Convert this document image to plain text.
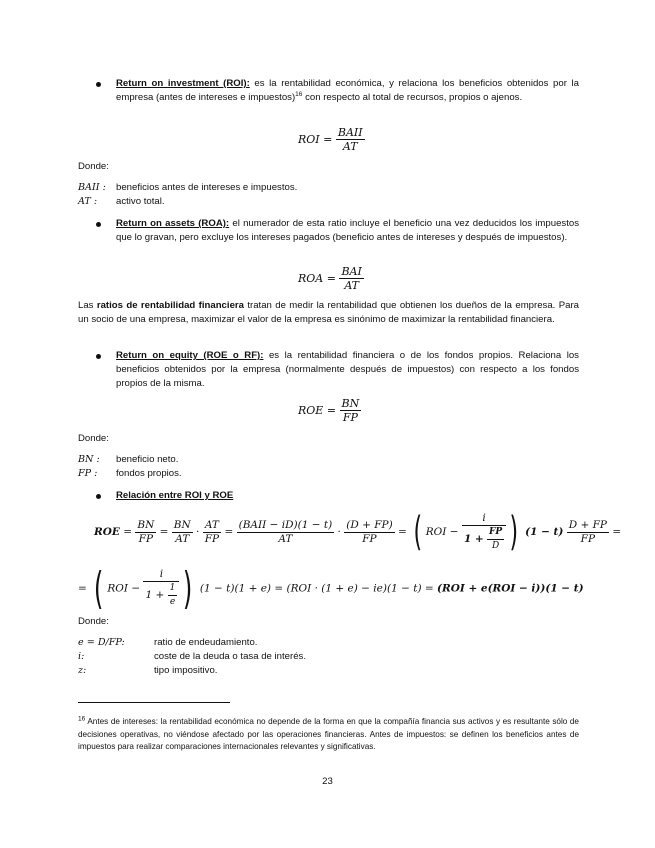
Return on investment (ROI): es la rentabilidad económica, y relaciona los beneficios obtenidos por la empresa (antes de intereses e impuestos)$^{16}$ con respecto al total de recursos, propios o ajenos.
ROI = $\frac{\text{BAII}}{AT}$
Donde:
BAII : beneficios antes de intereses e impuestos.
AT : activo total.
Return on assets (ROA): el numerador de esta ratio incluye el beneficio una vez deducidos los impuestos que lo gravan, pero excluye los intereses pagados (beneficio antes de intereses y después de impuestos).
ROA = $\frac{\text{BAI}}{AT}$
Las ratios de rentabilidad financiera tratan de medir la rentabilidad que obtienen los dueños de la empresa. Para un socio de una empresa, maximizar el valor de la empresa es sinónimo de maximizar la rentabilidad financiera.
Return on equity (ROE o RF): es la rentabilidad financiera o de los fondos propios. Relaciona los beneficios obtenidos por la empresa (normalmente después de impuestos) con respecto a los fondos propios de la misma.
ROE = $\frac{BN}{FP}$
Donde:
BN : beneficio neto.
FP : fondos propios.
Relación entre ROI y ROE
ROE = $\frac{BN}{FP} = \frac{BN}{AT} \cdot \frac{AT}{FP} = \frac{\text{(BAII − iD)(1 − t)}}{AT} \cdot \frac{(D + FP)}{FP}$ = ( ROI − $\frac{i}{1 + \frac{FP}{D}}$ ) $(1 - t) \frac{D + FP}{FP}$ =
= ( ROI − $\frac{i}{1 + \frac{1}{e}}$ ) (1 − t)(1 + e) = (ROI · (1 + e) − ie)(1 − t) = (ROI + e(ROI − i))(1 − t)
Donde:
e = D/FP:	ratio de endeudamiento.
i:	coste de la deuda o tasa de interés.
z:	tipo impositivo.
$^{16}$ Antes de intereses: la rentabilidad económica no depende de la forma en que la compañía financia sus activos y es resultante sólo de decisiones operativas, no viéndose afectado por las operaciones financieras. Antes de impuestos: se definen los beneficios antes de impuestos para realizar comparaciones internacionales relevantes y significativas.
23
